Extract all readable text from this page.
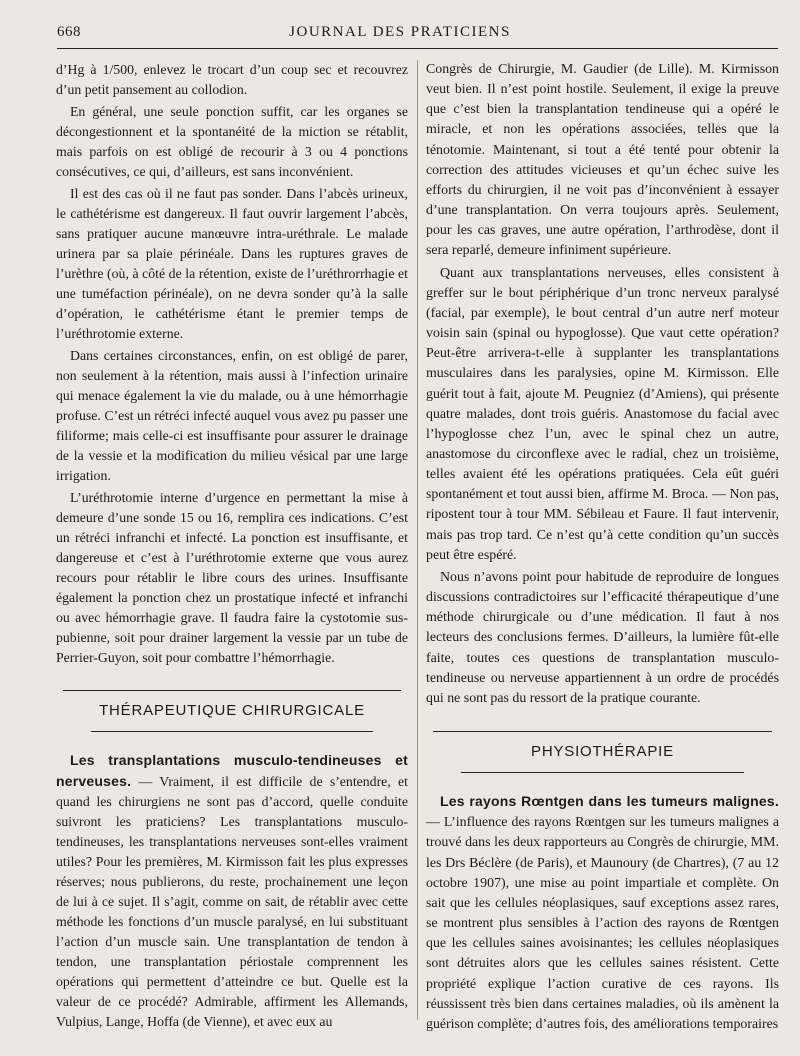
668	JOURNAL DES PRATICIENS

d’Hg à 1/500, enlevez le trocart d’un coup sec et recouvrez d’un petit pansement au collodion.

En général, une seule ponction suffit, car les organes se décongestionnent et la spontanéité de la miction se rétablit, mais parfois on est obligé de recourir à 3 ou 4 ponctions consécutives, ce qui, d’ailleurs, est sans inconvénient.

Il est des cas où il ne faut pas sonder. Dans l’abcès urineux, le cathétérisme est dangereux. Il faut ouvrir largement l’abcès, sans pratiquer aucune manœuvre intra-uréthrale. Le malade urinera par sa plaie périnéale. Dans les ruptures graves de l’urèthre (où, à côté de la rétention, existe de l’uréthrorrhagie et une tuméfaction périnéale), on ne devra sonder qu’à la salle d’opération, le cathétérisme étant le premier temps de l’uréthrotomie externe.

Dans certaines circonstances, enfin, on est obligé de parer, non seulement à la rétention, mais aussi à l’infection urinaire qui menace également la vie du malade, ou à une hémorrhagie profuse. C’est un rétréci infecté auquel vous avez pu passer une filiforme; mais celle-ci est insuffisante pour assurer le drainage de la vessie et la modification du milieu vésical par une large irrigation.

L’uréthrotomie interne d’urgence en permettant la mise à demeure d’une sonde 15 ou 16, remplira ces indications. C’est un rétréci infranchi et infecté. La ponction est insuffisante, et dangereuse et c’est à l’uréthrotomie externe que vous aurez recours pour rétablir le libre cours des urines. Insuffisante également la ponction chez un prostatique infecté et infranchi ou avec hémorrhagie grave. Il faudra faire la cystotomie sus-pubienne, soit pour drainer largement la vessie par un tube de Perrier-Guyon, soit pour combattre l’hémorrhagie.

THÉRAPEUTIQUE CHIRURGICALE

Les transplantations musculo-tendineuses et nerveuses. — Vraiment, il est difficile de s’entendre, et quand les chirurgiens ne sont pas d’accord, quelle conduite suivront les praticiens? Les transplantations musculo-tendineuses, les transplantations nerveuses sont-elles vraiment utiles? Pour les premières, M. Kirmisson fait les plus expresses réserves; nous publierons, du reste, prochainement une leçon de lui à ce sujet. Il s’agit, comme on sait, de rétablir avec cette méthode les fonctions d’un muscle paralysé, en lui substituant l’action d’un muscle sain. Une transplantation de tendon à tendon, une transplantation périostale comprennent les opérations qui permettent d’atteindre ce but. Quelle est la valeur de ce procédé? Admirable, affirment les Allemands, Vulpius, Lange, Hoffa (de Vienne), et avec eux au

Congrès de Chirurgie, M. Gaudier (de Lille). M. Kirmisson veut bien. Il n’est point hostile. Seulement, il exige la preuve que c’est bien la transplantation tendineuse qui a opéré le miracle, et non les opérations associées, telles que la ténotomie. Maintenant, si tout a été tenté pour obtenir la correction des attitudes vicieuses et qu’un échec suive les efforts du chirurgien, il ne voit pas d’inconvénient à essayer d’une transplantation. On verra toujours après. Seulement, pour les cas graves, une autre opération, l’arthrodèse, dont il sera reparlé, demeure infiniment supérieure.

Quant aux transplantations nerveuses, elles consistent à greffer sur le bout périphérique d’un tronc nerveux paralysé (facial, par exemple), le bout central d’un autre nerf moteur voisin sain (spinal ou hypoglosse). Que vaut cette opération? Peut-être arrivera-t-elle à supplanter les transplantations musculaires dans les paralysies, opine M. Kirmisson. Elle guérit tout à fait, ajoute M. Peugniez (d’Amiens), qui présente quatre malades, dont trois guéris. Anastomose du facial avec l’hypoglosse chez l’un, avec le spinal chez un autre, anastomose du circonflexe avec le radial, chez un troisième, telles avaient été les opérations pratiquées. Cela eût guéri spontanément et tout aussi bien, affirme M. Broca. — Non pas, ripostent tour à tour MM. Sébileau et Faure. Il faut intervenir, mais pas trop tard. Ce n’est qu’à cette condition qu’un succès peut être espéré.

Nous n’avons point pour habitude de reproduire de longues discussions contradictoires sur l’efficacité thérapeutique d’une méthode chirurgicale ou d’une médication. Il faut à nos lecteurs des conclusions fermes. D’ailleurs, la lumière fût-elle faite, toutes ces questions de transplantation musculo-tendineuse ou nerveuse appartiennent à un ordre de procédés qui ne sont pas du ressort de la pratique courante.

PHYSIOTHÉRAPIE

Les rayons Rœntgen dans les tumeurs malignes. — L’influence des rayons Rœntgen sur les tumeurs malignes a trouvé dans les deux rapporteurs au Congrès de chirurgie, MM. les Drs Béclère (de Paris), et Maunoury (de Chartres), (7 au 12 octobre 1907), une mise au point impartiale et complète. On sait que les cellules néoplasiques, sauf exceptions assez rares, se montrent plus sensibles à l’action des rayons de Rœntgen que les cellules saines avoisinantes; les cellules néoplasiques sont détruites alors que les cellules saines résistent. Cette propriété explique l’action curative de ces rayons. Ils réussissent très bien dans certaines maladies, où ils amènent la guérison complète; d’autres fois, des améliorations temporaires
